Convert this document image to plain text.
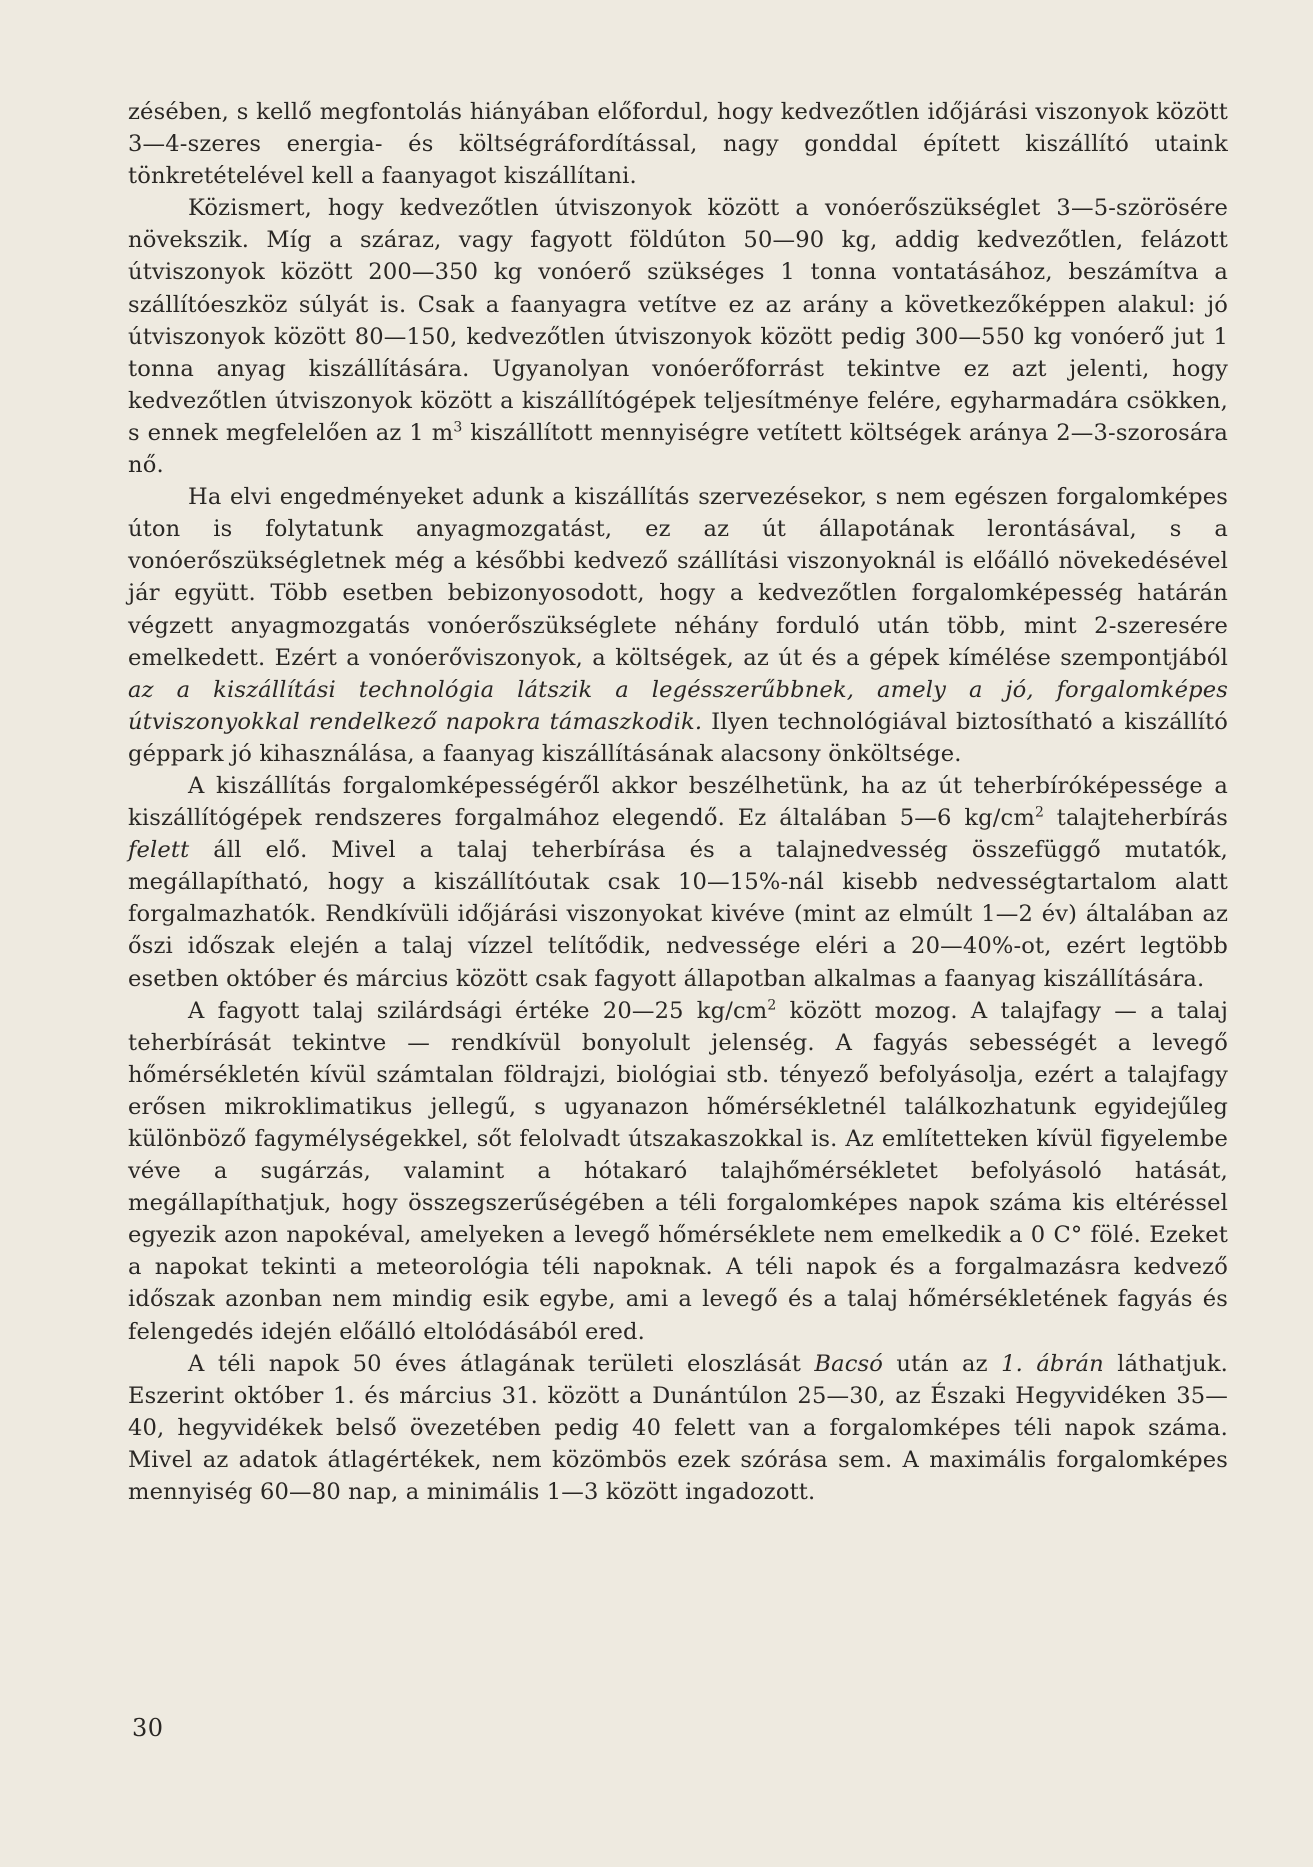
zésében, s kellő megfontolás hiányában előfordul, hogy kedvezőtlen időjárási viszonyok között 3—4-szeres energia- és költségráfordítással, nagy gonddal épített kiszállító utaink tönkretételével kell a faanyagot kiszállítani.

Közismert, hogy kedvezőtlen útviszonyok között a vonóerőszükséglet 3—5-szörösére növekszik. Míg a száraz, vagy fagyott földúton 50—90 kg, addig kedvezőtlen, felázott útviszonyok között 200—350 kg vonóerő szükséges 1 tonna vontatásához, beszámítva a szállítóeszköz súlyát is. Csak a faanyagra vetítve ez az arány a következőképpen alakul: jó útviszonyok között 80—150, kedvezőtlen útviszonyok között pedig 300—550 kg vonóerő jut 1 tonna anyag kiszállítására. Ugyanolyan vonóerőforrást tekintve ez azt jelenti, hogy kedvezőtlen útviszonyok között a kiszállítógépek teljesítménye felére, egyharmadára csökken, s ennek megfelelően az 1 $m^3$ kiszállított mennyiségre vetített költségek aránya 2—3-szorosára nő.

Ha elvi engedményeket adunk a kiszállítás szervezésekor, s nem egészen forgalomképes úton is folytatunk anyagmozgatást, ez az út állapotának lerontásával, s a vonóerőszükségletnek még a későbbi kedvező szállítási viszonyoknál is előálló növekedésével jár együtt. Több esetben bebizonyosodott, hogy a kedvezőtlen forgalomképesség határán végzett anyagmozgatás vonóerőszükséglete néhány forduló után több, mint 2-szeresére emelkedett. Ezért a vonóerőviszonyok, a költségek, az út és a gépek kímélése szempontjából az a kiszállítási technológia látszik a legésszerűbbnek, amely a jó, forgalomképes útviszonyokkal rendelkező napokra támaszkodik. Ilyen technológiával biztosítható a kiszállító géppark jó kihasználása, a faanyag kiszállításának alacsony önköltsége.

A kiszállítás forgalomképességéről akkor beszélhetünk, ha az út teherbíróképessége a kiszállítógépek rendszeres forgalmához elegendő. Ez általában 5—6 $kg/cm^2$ talajteherbírás felett áll elő. Mivel a talaj teherbírása és a talajnedvesség összefüggő mutatók, megállapítható, hogy a kiszállítóutak csak 10—15%-nál kisebb nedvességtartalom alatt forgalmazhatók. Rendkívüli időjárási viszonyokat kivéve (mint az elmúlt 1—2 év) általában az őszi időszak elején a talaj vízzel telítődik, nedvessége eléri a 20—40%-ot, ezért legtöbb esetben október és március között csak fagyott állapotban alkalmas a faanyag kiszállítására.

A fagyott talaj szilárdsági értéke 20—25 $kg/cm^2$ között mozog. A talajfagy — a talaj teherbírását tekintve — rendkívül bonyolult jelenség. A fagyás sebességét a levegő hőmérsékletén kívül számtalan földrajzi, biológiai stb. tényező befolyásolja, ezért a talajfagy erősen mikroklimatikus jellegű, s ugyanazon hőmérsékletnél találkozhatunk egyidejűleg különböző fagymélységekkel, sőt felolvadt útszakaszokkal is. Az említetteken kívül figyelembe véve a sugárzás, valamint a hótakaró talajhőmérsékletet befolyásoló hatását, megállapíthatjuk, hogy összegszerűségében a téli forgalomképes napok száma kis eltéréssel egyezik azon napokéval, amelyeken a levegő hőmérséklete nem emelkedik a 0 C° fölé. Ezeket a napokat tekinti a meteorológia téli napoknak. A téli napok és a forgalmazásra kedvező időszak azonban nem mindig esik egybe, ami a levegő és a talaj hőmérsékletének fagyás és felengedés idején előálló eltolódásából ered.

A téli napok 50 éves átlagának területi eloszlását Bacsó után az 1. ábrán láthatjuk. Eszerint október 1. és március 31. között a Dunántúlon 25—30, az Északi Hegyvidéken 35—40, hegyvidékek belső övezetében pedig 40 felett van a forgalomképes téli napok száma. Mivel az adatok átlagértékek, nem közömbös ezek szórása sem. A maximális forgalomképes mennyiség 60—80 nap, a minimális 1—3 között ingadozott.

30
